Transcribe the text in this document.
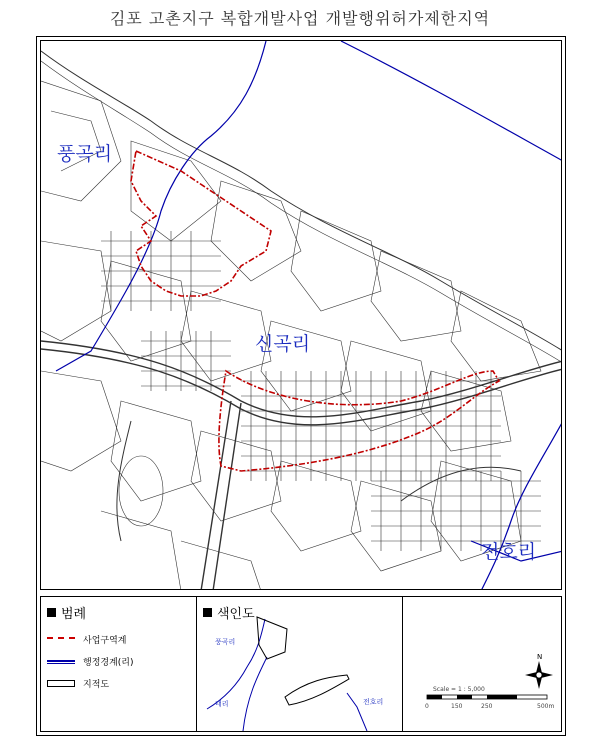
김포 고촌지구 복합개발사업 개발행위허가제한지역
풍곡리
신곡리
전호리
범례
사업구역계
행정경계(리)
지적도
색인도
풍곡리
태리	전호리
N
Scale = 1 : 5,000
0	150	250	500m
